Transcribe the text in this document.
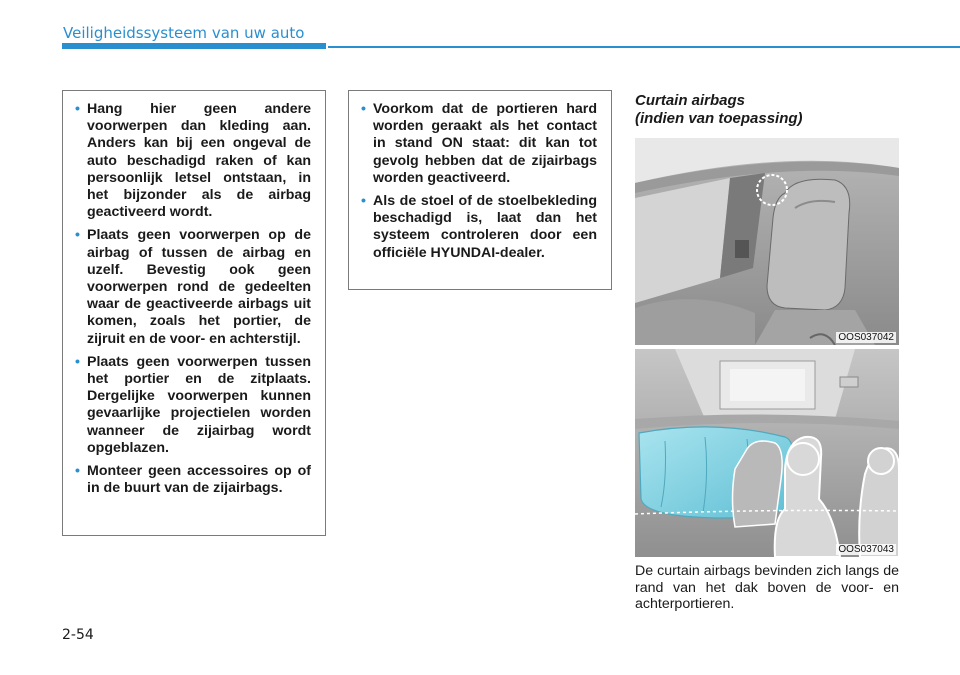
Veiligheidssysteem van uw auto
• Hang hier geen andere voorwerpen dan kleding aan. Anders kan bij een ongeval de auto beschadigd raken of kan persoonlijk letsel ontstaan, in het bijzonder als de airbag geactiveerd wordt.
• Plaats geen voorwerpen op de airbag of tussen de airbag en uzelf. Bevestig ook geen voorwerpen rond de gedeelten waar de geactiveerde airbags uit komen, zoals het portier, de zijruit en de voor- en achterstijl.
• Plaats geen voorwerpen tussen het portier en de zitplaats. Dergelijke voorwerpen kunnen gevaarlijke projectielen worden wanneer de zijairbag wordt opgeblazen.
• Monteer geen accessoires op of in de buurt van de zijairbags.
• Voorkom dat de portieren hard worden geraakt als het contact in stand ON staat: dit kan tot gevolg hebben dat de zijairbags worden geactiveerd.
• Als de stoel of de stoelbekleding beschadigd is, laat dan het systeem controleren door een officiële HYUNDAI-dealer.
Curtain airbags
(indien van toepassing)
OOS037042
OOS037043
De curtain airbags bevinden zich langs de rand van het dak boven de voor- en achterportieren.
2-54
